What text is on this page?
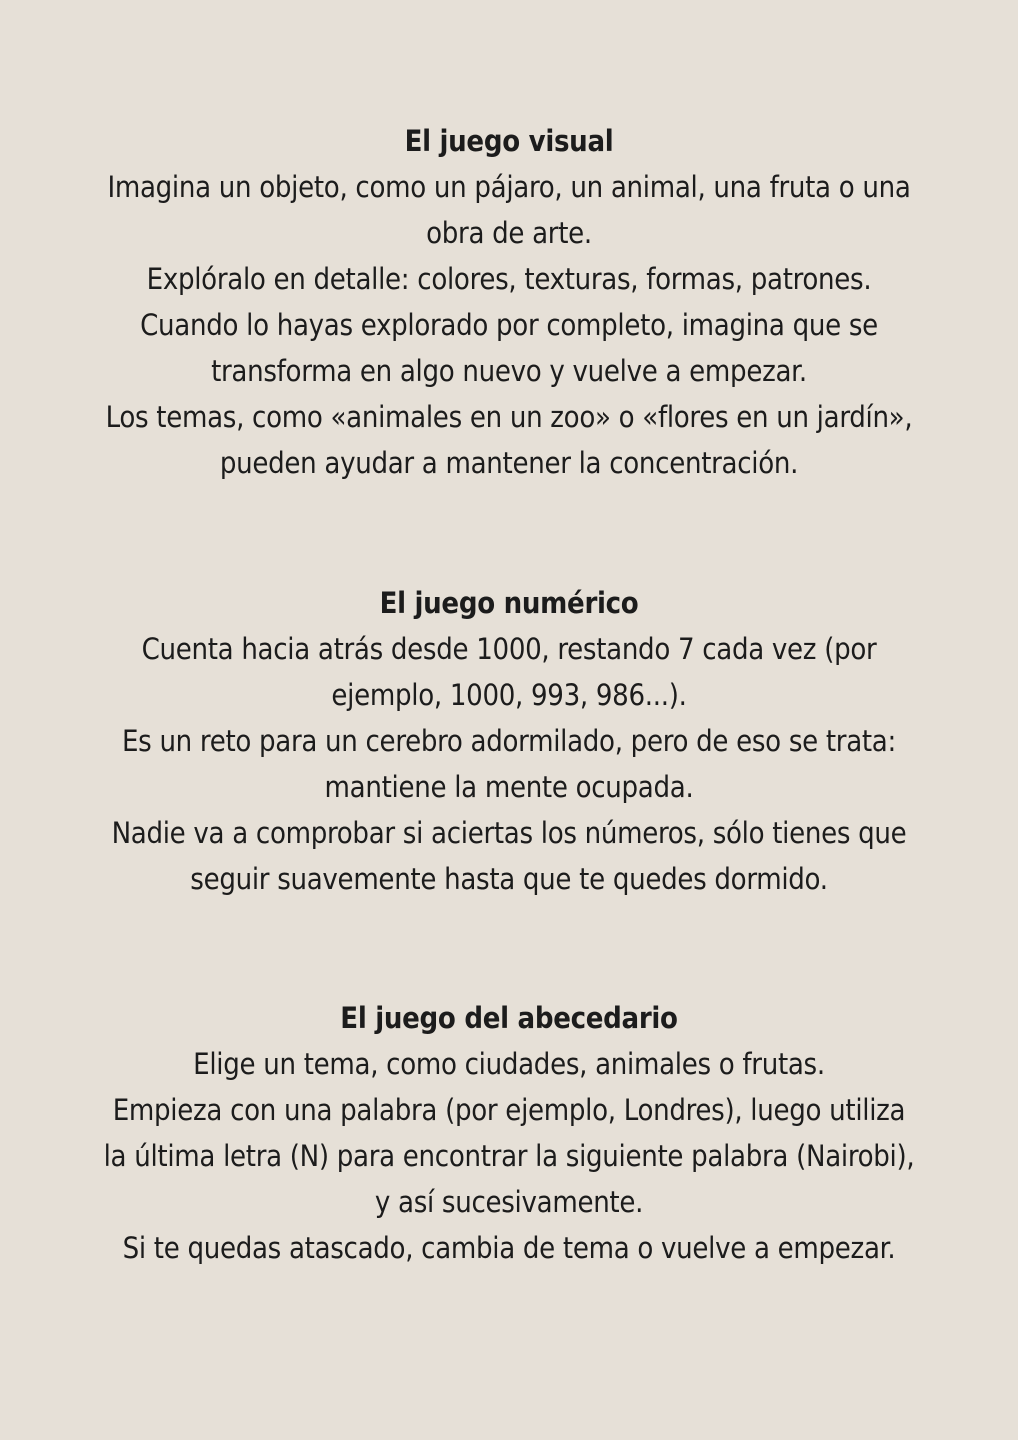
El juego visual

Imagina un objeto, como un pájaro, un animal, una fruta o una obra de arte.

Explóralo en detalle: colores, texturas, formas, patrones.

Cuando lo hayas explorado por completo, imagina que se transforma en algo nuevo y vuelve a empezar.

Los temas, como «animales en un zoo» o «flores en un jardín», pueden ayudar a mantener la concentración.

El juego numérico

Cuenta hacia atrás desde 1000, restando 7 cada vez (por ejemplo, 1000, 993, 986...).

Es un reto para un cerebro adormilado, pero de eso se trata: mantiene la mente ocupada.

Nadie va a comprobar si aciertas los números, sólo tienes que seguir suavemente hasta que te quedes dormido.

El juego del abecedario

Elige un tema, como ciudades, animales o frutas.

Empieza con una palabra (por ejemplo, Londres), luego utiliza la última letra (N) para encontrar la siguiente palabra (Nairobi), y así sucesivamente.

Si te quedas atascado, cambia de tema o vuelve a empezar.
